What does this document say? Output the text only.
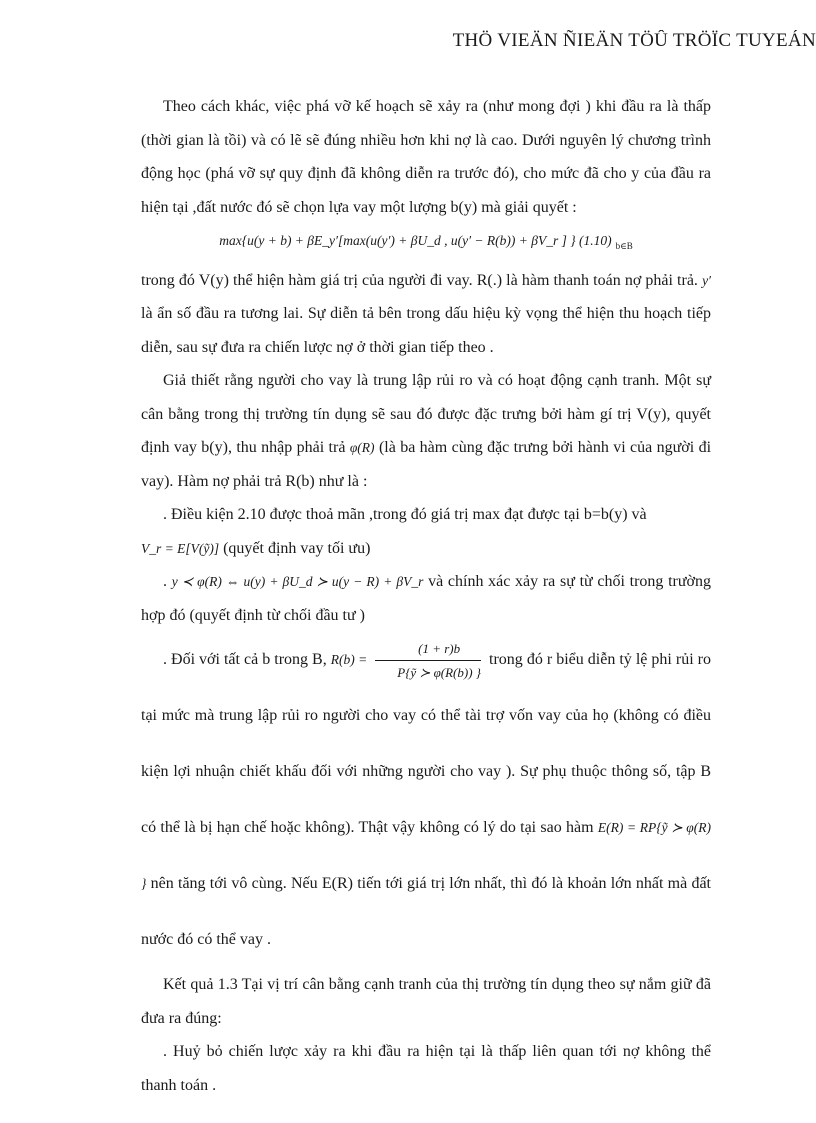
THÖ VIEÄN ÑIEÄN TÖÛ TRÖÏC TUYEÁN

Theo cách khác, việc phá vỡ kế hoạch sẽ xảy ra (như mong đợi ) khi đầu ra là thấp (thời gian là tồi) và có lẽ sẽ đúng nhiều hơn khi nợ là cao. Dưới nguyên lý chương trình động học (phá vỡ sự quy định đã không diễn ra trước đó), cho mức đã cho y của đầu ra hiện tại ,đất nước đó sẽ chọn lựa vay một lượng b(y) mà giải quyết :

max{u(y + b) + βE_y′[max(u(y′) + βU_d , u(y′ − R(b)) + βV_r ] } (1.10) $_{b\in B}$

trong đó V(y) thể hiện hàm giá trị của người đi vay. R(.) là hàm thanh toán nợ phải trả. y′ là ẩn số đầu ra tương lai. Sự diễn tả bên trong dấu hiệu kỳ vọng thể hiện thu hoạch tiếp diễn, sau sự đưa ra chiến lược nợ ở thời gian tiếp theo .

Giả thiết rằng người cho vay là trung lập rủi ro và có hoạt động cạnh tranh. Một sự cân bằng trong thị trường tín dụng sẽ sau đó được đặc trưng bởi hàm gí trị V(y), quyết định vay b(y), thu nhập phải trả φ(R) (là ba hàm cùng đặc trưng bởi hành vi của người đi vay). Hàm nợ phải trả R(b) như là :

. Điều kiện 2.10 được thoả mãn ,trong đó giá trị max đạt được tại b=b(y) và

V_r = E[V(ỹ)] (quyết định vay tối ưu)

. y ≺ φ(R) ⇔ u(y) + βU_d ≻ u(y − R) + βV_r và chính xác xảy ra sự từ chối trong trường hợp đó (quyết định từ chối đầu tư )

. Đối với tất cả b trong B, $R(b) = \frac{(1 + r)b}{\text{P\{ỹ ≻ φ(R(b)) \}}}$ trong đó r biểu diễn tỷ lệ phi rủi ro tại mức mà trung lập rủi ro người cho vay có thể tài trợ vốn vay của họ (không có điều kiện lợi nhuận chiết khấu đối với những người cho vay ). Sự phụ thuộc thông số, tập B có thể là bị hạn chế hoặc không). Thật vậy không có lý do tại sao hàm E(R) = RP{ỹ ≻ φ(R) } nên tăng tới vô cùng. Nếu E(R) tiến tới giá trị lớn nhất, thì đó là khoản lớn nhất mà đất nước đó có thể vay .

Kết quả 1.3 Tại vị trí cân bằng cạnh tranh của thị trường tín dụng theo sự nắm giữ đã đưa ra đúng:

. Huỷ bỏ chiến lược xảy ra khi đầu ra hiện tại là thấp liên quan tới nợ không thể thanh toán .
